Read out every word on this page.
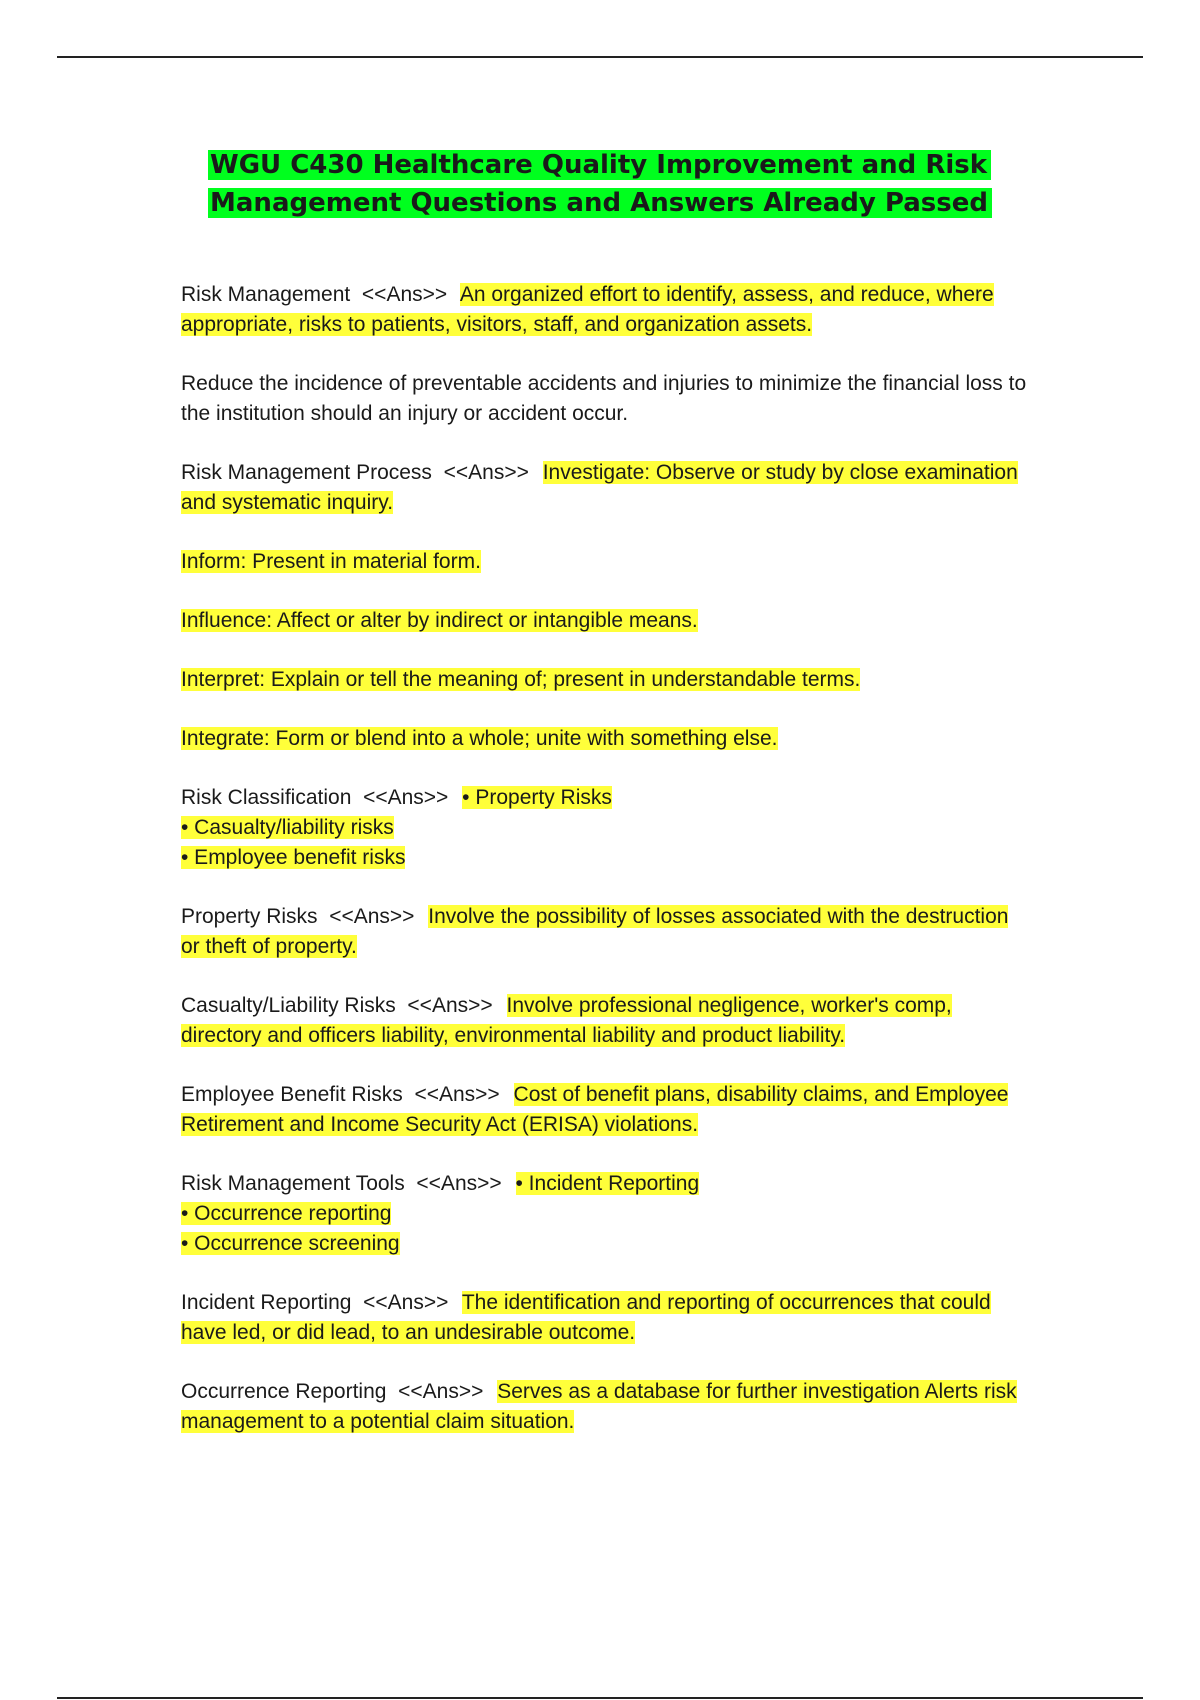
WGU C430 Healthcare Quality Improvement and Risk
Management Questions and Answers Already Passed

Risk Management <<Ans>> An organized effort to identify, assess, and reduce, where appropriate, risks to patients, visitors, staff, and organization assets.

Reduce the incidence of preventable accidents and injuries to minimize the financial loss to the institution should an injury or accident occur.

Risk Management Process <<Ans>> Investigate: Observe or study by close examination and systematic inquiry.

Inform: Present in material form.

Influence: Affect or alter by indirect or intangible means.

Interpret: Explain or tell the meaning of; present in understandable terms.

Integrate: Form or blend into a whole; unite with something else.

Risk Classification <<Ans>> • Property Risks
• Casualty/liability risks
• Employee benefit risks

Property Risks <<Ans>> Involve the possibility of losses associated with the destruction or theft of property.

Casualty/Liability Risks <<Ans>> Involve professional negligence, worker's comp, directory and officers liability, environmental liability and product liability.

Employee Benefit Risks <<Ans>> Cost of benefit plans, disability claims, and Employee Retirement and Income Security Act (ERISA) violations.

Risk Management Tools <<Ans>> • Incident Reporting
• Occurrence reporting
• Occurrence screening

Incident Reporting <<Ans>> The identification and reporting of occurrences that could have led, or did lead, to an undesirable outcome.

Occurrence Reporting <<Ans>> Serves as a database for further investigation Alerts risk management to a potential claim situation.
